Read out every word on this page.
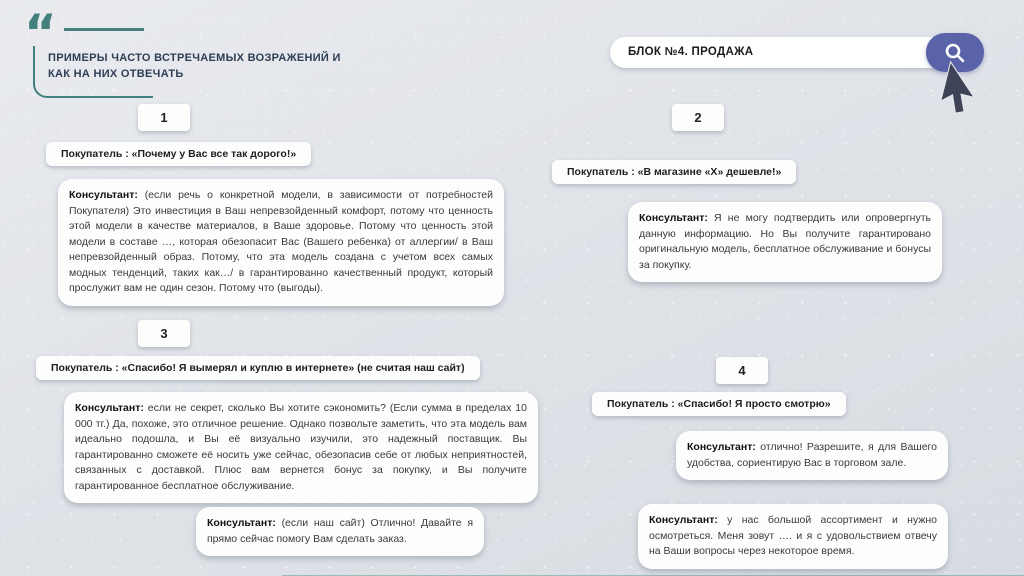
“
ПРИМЕРЫ ЧАСТО ВСТРЕЧАЕМЫХ ВОЗРАЖЕНИЙ И КАК НА НИХ ОТВЕЧАТЬ
БЛОК №4. ПРОДАЖА
1
Покупатель : «Почему у Вас все так дорого!»
Консультант: (если речь о конкретной модели, в зависимости от потребностей Покупателя) Это инвестиция в Ваш непревзойденный комфорт, потому что ценность этой модели в качестве материалов, в Ваше здоровье. Потому что ценность этой модели в составе …, которая обезопасит Вас (Вашего ребенка) от аллергии/ в Ваш непревзойденный образ. Потому, что эта модель создана с учетом всех самых модных тенденций, таких как…/ в гарантированно качественный продукт, который прослужит вам не один сезон. Потому что (выгоды).
2
Покупатель : «В магазине «Х» дешевле!»
Консультант: Я не могу подтвердить или опровергнуть данную информацию. Но Вы получите гарантировано оригинальную модель, бесплатное обслуживание и бонусы за покупку.
3
Покупатель : «Спасибо! Я вымерял и куплю в интернете» (не считая наш сайт)
Консультант: если не секрет, сколько Вы хотите сэкономить? (Если сумма в пределах 10 000 тг.) Да, похоже, это отличное решение. Однако позвольте заметить, что эта модель вам идеально подошла, и Вы её визуально изучили, это надежный поставщик. Вы гарантированно сможете её носить уже сейчас, обезопасив себе от любых неприятностей, связанных с доставкой. Плюс вам вернется бонус за покупку, и Вы получите гарантированное бесплатное обслуживание.
Консультант: (если наш сайт) Отлично! Давайте я прямо сейчас помогу Вам сделать заказ.
4
Покупатель : «Спасибо! Я просто смотрю»
Консультант: отлично! Разрешите, я для Вашего удобства, сориентирую Вас в торговом зале.
Консультант: у нас большой ассортимент и нужно осмотреться. Меня зовут …. и я с удовольствием отвечу на Ваши вопросы через некоторое время.
